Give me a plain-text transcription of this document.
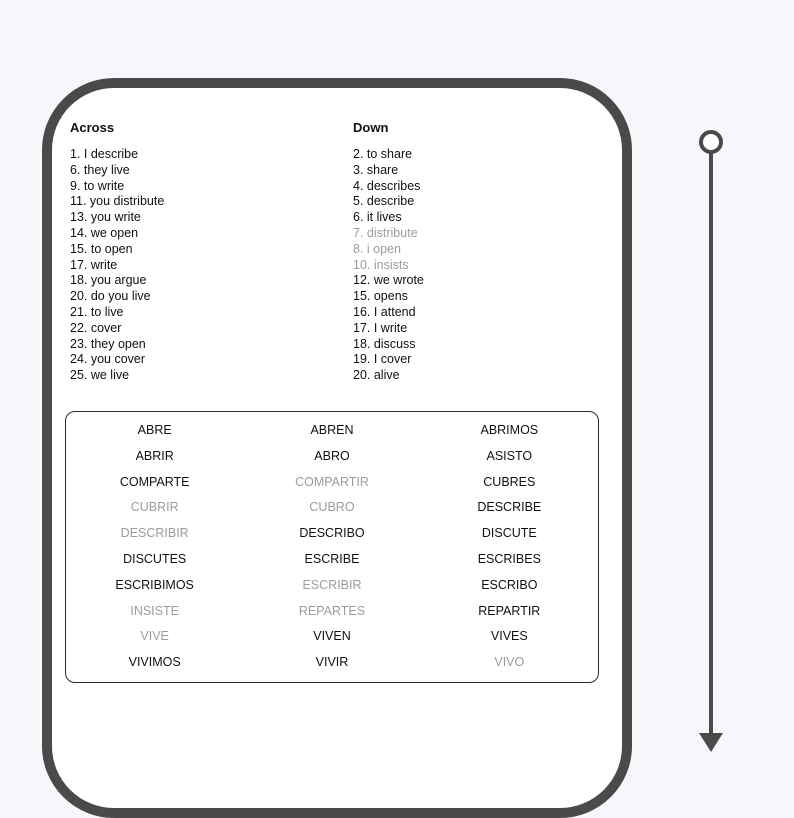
Across
1. I describe
6. they live
9. to write
11. you distribute
13. you write
14. we open
15. to open
17. write
18. you argue
20. do you live
21. to live
22. cover
23. they open
24. you cover
25. we live
Down
2. to share
3. share
4. describes
5. describe
6. it lives
7. distribute
8. i open
10. insists
12. we wrote
15. opens
16. I attend
17. I write
18. discuss
19. I cover
20. alive
ABRE	ABREN	ABRIMOS
ABRIR	ABRO	ASISTO
COMPARTE	COMPARTIR	CUBRES
CUBRIR	CUBRO	DESCRIBE
DESCRIBIR	DESCRIBO	DISCUTE
DISCUTES	ESCRIBE	ESCRIBES
ESCRIBIMOS	ESCRIBIR	ESCRIBO
INSISTE	REPARTES	REPARTIR
VIVE	VIVEN	VIVES
VIVIMOS	VIVIR	VIVO
